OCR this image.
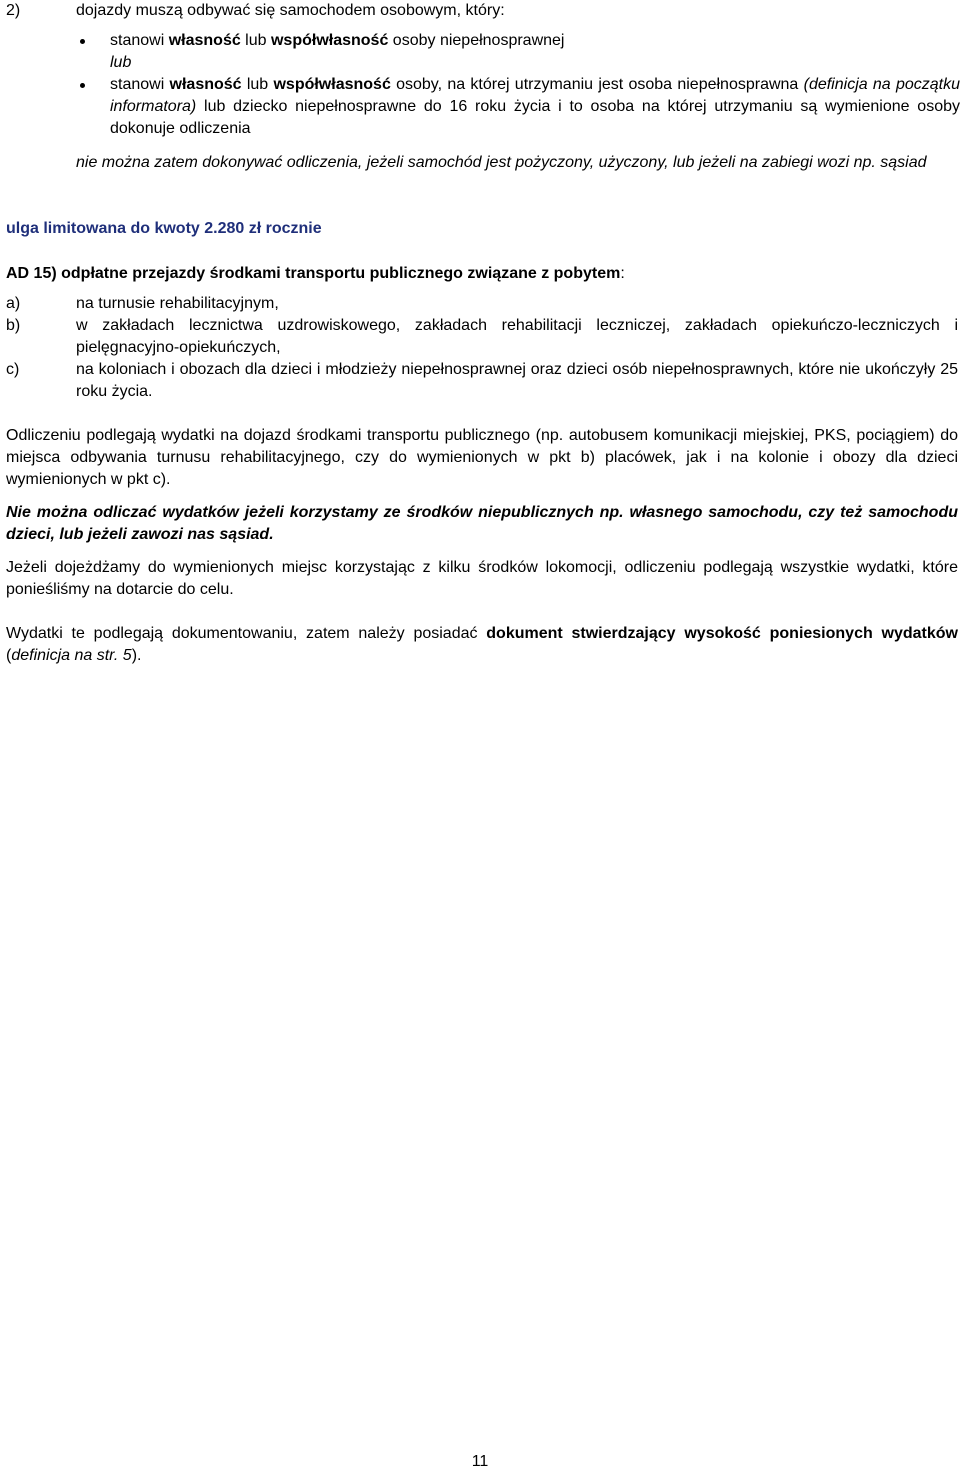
2)	dojazdy muszą odbywać się samochodem osobowym, który:
stanowi własność lub współwłasność osoby niepełnosprawnej
lub
stanowi własność lub współwłasność osoby, na której utrzymaniu jest osoba niepełnosprawna (definicja na początku informatora) lub dziecko niepełnosprawne do 16 roku życia i to osoba na której utrzymaniu są wymienione osoby dokonuje odliczenia
nie można zatem dokonywać odliczenia, jeżeli samochód jest pożyczony, użyczony, lub jeżeli na zabiegi wozi np. sąsiad
ulga limitowana do kwoty 2.280 zł rocznie
AD 15) odpłatne przejazdy środkami transportu publicznego związane z pobytem:
a)	na turnusie rehabilitacyjnym,
b)	w zakładach lecznictwa uzdrowiskowego, zakładach rehabilitacji leczniczej, zakładach opiekuńczo-leczniczych i pielęgnacyjno-opiekuńczych,
c)	na koloniach i obozach dla dzieci i młodzieży niepełnosprawnej oraz dzieci osób niepełnosprawnych, które nie ukończyły 25 roku życia.
Odliczeniu podlegają wydatki na dojazd środkami transportu publicznego (np. autobusem komunikacji miejskiej, PKS, pociągiem) do miejsca odbywania turnusu rehabilitacyjnego, czy do wymienionych w pkt b) placówek, jak i na kolonie i obozy dla dzieci wymienionych w pkt c).
Nie można odliczać wydatków jeżeli korzystamy ze środków niepublicznych np. własnego samochodu, czy też samochodu dzieci, lub jeżeli zawozi nas sąsiad.
Jeżeli dojeżdżamy do wymienionych miejsc korzystając z kilku środków lokomocji, odliczeniu podlegają wszystkie wydatki, które ponieśliśmy na dotarcie do celu.
Wydatki te podlegają dokumentowaniu, zatem należy posiadać dokument stwierdzający wysokość poniesionych wydatków (definicja na str. 5).
11
